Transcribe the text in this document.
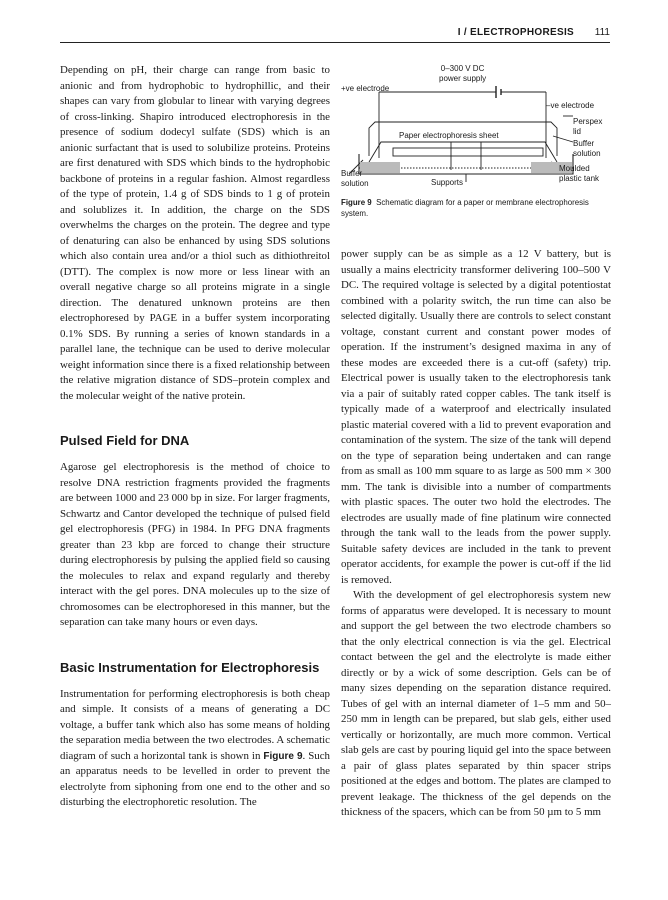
I / ELECTROPHORESIS 111

Depending on pH, their charge can range from basic to anionic and from hydrophobic to hydrophillic, and their shapes can vary from globular to linear with varying degrees of cross-linking. Shapiro introduced electrophoresis in the presence of sodium dodecyl sulfate (SDS) which is an anionic surfactant that is used to solubilize proteins. Proteins are first denatured with SDS which binds to the hydrophobic backbone of proteins in a regular fashion. Almost regardless of the type of protein, 1.4 g of SDS binds to 1 g of protein and solublizes it. In addition, the charge on the SDS overwhelms the charges on the protein. The degree and type of denaturing can also be enhanced by using SDS solutions which also contain urea and/or a thiol such as dithiothreitol (DTT). The complex is now more or less linear with an overall negative charge so all proteins migrate in a single direction. The denatured unknown proteins are then electrophoresed by PAGE in a buffer system incorporating 0.1% SDS. By running a series of known standards in a parallel lane, the technique can be used to derive molecular weight information since there is a fixed relationship between the relative migration distance of SDS–protein complex and the molecular weight of the native protein.

Pulsed Field for DNA

Agarose gel electrophoresis is the method of choice to resolve DNA restriction fragments provided the fragments are between 1000 and 23 000 bp in size. For larger fragments, Schwartz and Cantor developed the technique of pulsed field gel electrophoresis (PFG) in 1984. In PFG DNA fragments greater than 23 kbp are forced to change their structure during electrophoresis by pulsing the applied field so causing the molecules to relax and expand regularly and thereby interact with the gel pores. DNA molecules up to the size of chromosomes can be electrophoresed in this manner, but the separation can take many hours or even days.

Basic Instrumentation for Electrophoresis

Instrumentation for performing electrophoresis is both cheap and simple. It consists of a means of generating a DC voltage, a buffer tank which also has some means of holding the separation media between the two electrodes. A schematic diagram of such a horizontal tank is shown in Figure 9. Such an apparatus needs to be levelled in order to prevent the electrolyte from siphoning from one end to the other and so disturbing the electrophoretic resolution. The

0–300 V DC
power supply
+ve electrode
–ve electrode
Perspex
lid
Paper electrophoresis sheet
Buffer
solution
Buffer
solution	Supports
Moulded
plastic tank
Figure 9 Schematic diagram for a paper or membrane electrophoresis system.

power supply can be as simple as a 12 V battery, but is usually a mains electricity transformer delivering 100–500 V DC. The required voltage is selected by a digital potentiostat combined with a polarity switch, the run time can also be selected digitally. Usually there are controls to select constant voltage, constant current and constant power modes of operation. If the instrument’s designed maxima in any of these modes are exceeded there is a cut-off (safety) trip. Electrical power is usually taken to the electrophoresis tank via a pair of suitably rated copper cables. The tank itself is typically made of a waterproof and electrically insulated plastic material covered with a lid to prevent evaporation and contamination of the system. The size of the tank will depend on the type of separation being undertaken and can range from as small as 100 mm square to as large as 500 mm × 300 mm. The tank is divisible into a number of compartments with plastic spaces. The outer two hold the electrodes. The electrodes are usually made of fine platinum wire connected through the tank wall to the leads from the power supply. Suitable safety devices are included in the tank to prevent operator accidents, for example the power is cut-off if the lid is removed.

With the development of gel electrophoresis system new forms of apparatus were developed. It is necessary to mount and support the gel between the two electrode chambers so that the only electrical connection is via the gel. Electrical contact between the gel and the electrolyte is made either directly or by a wick of some description. Gels can be of many sizes depending on the separation distance required. Tubes of gel with an internal diameter of 1–5 mm and 50–250 mm in length can be prepared, but slab gels, either used vertically or horizontally, are much more common. Vertical slab gels are cast by pouring liquid gel into the space between a pair of glass plates separated by thin spacer strips positioned at the edges and bottom. The plates are clamped to prevent leakage. The thickness of the gel depends on the thickness of the spacers, which can be from 50 µm to 5 mm
